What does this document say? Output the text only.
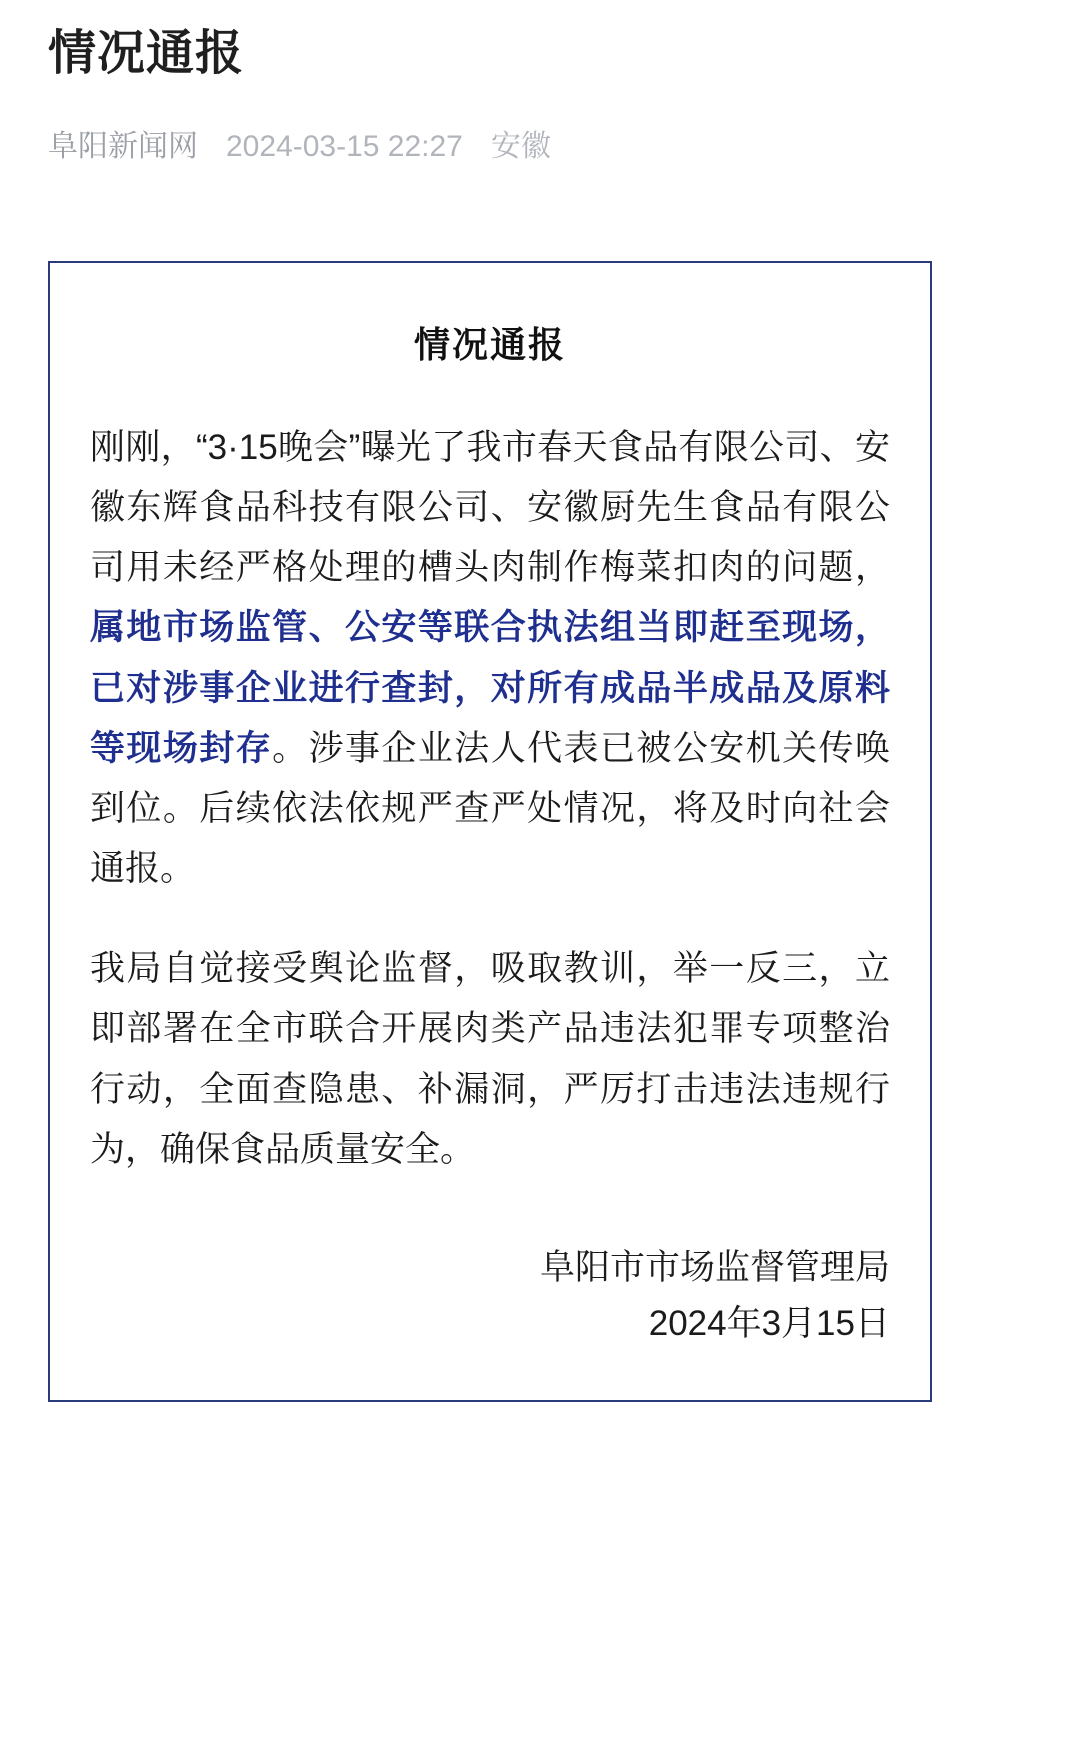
情况通报
阜阳新闻网 2024-03-15 22:27 安徽
情况通报

刚刚，“3·15晚会”曝光了我市春天食品有限公司、安徽东辉食品科技有限公司、安徽厨先生食品有限公司用未经严格处理的槽头肉制作梅菜扣肉的问题，属地市场监管、公安等联合执法组当即赶至现场，已对涉事企业进行查封，对所有成品半成品及原料等现场封存。涉事企业法人代表已被公安机关传唤到位。后续依法依规严查严处情况，将及时向社会通报。

我局自觉接受舆论监督，吸取教训，举一反三，立即部署在全市联合开展肉类产品违法犯罪专项整治行动，全面查隐患、补漏洞，严厉打击违法违规行为，确保食品质量安全。

阜阳市市场监督管理局
2024年3月15日
